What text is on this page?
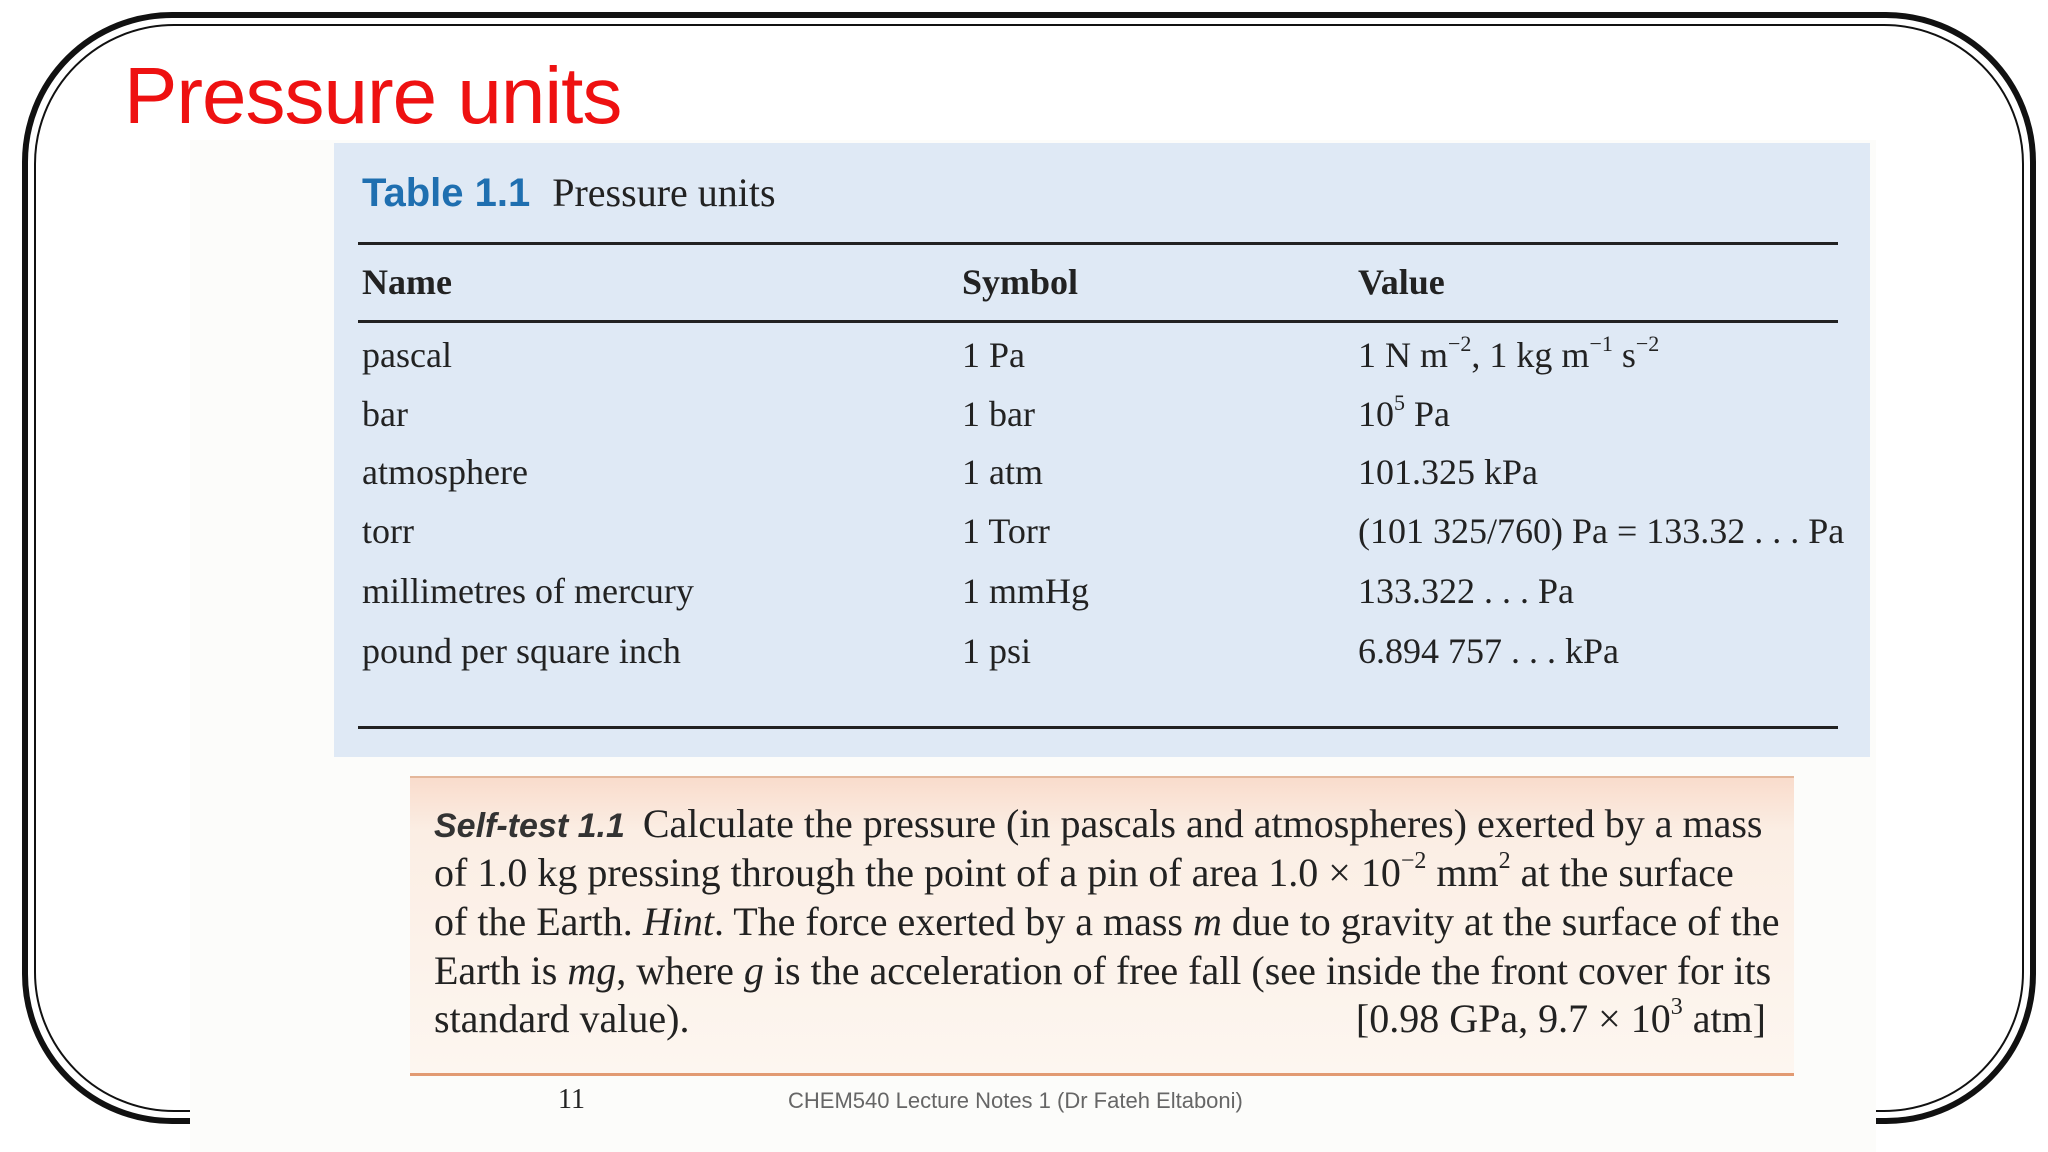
Pressure units
Table 1.1 Pressure units
Name	Symbol	Value
pascal	1 Pa	1 N $m^{-2}$, 1 kg $m^{-1}$ $s^{-2}$
bar	1 bar	$10^5$ Pa
atmosphere	1 atm	101.325 kPa
torr	1 Torr	(101 325/760) Pa = 133.32 . . . Pa
millimetres of mercury	1 mmHg	133.322 . . . Pa
pound per square inch	1 psi	6.894 757 . . . kPa
Self-test 1.1 Calculate the pressure (in pascals and atmospheres) exerted by a mass
of 1.0 kg pressing through the point of a pin of area $1.0 \times 10^{-2}$ $mm^2$ at the surface
of the Earth. Hint. The force exerted by a mass m due to gravity at the surface of the
Earth is mg, where g is the acceleration of free fall (see inside the front cover for its
standard value).	[0.98 GPa, $9.7 \times 10^3$ atm]
11	CHEM540 Lecture Notes 1 (Dr Fateh Eltaboni)
